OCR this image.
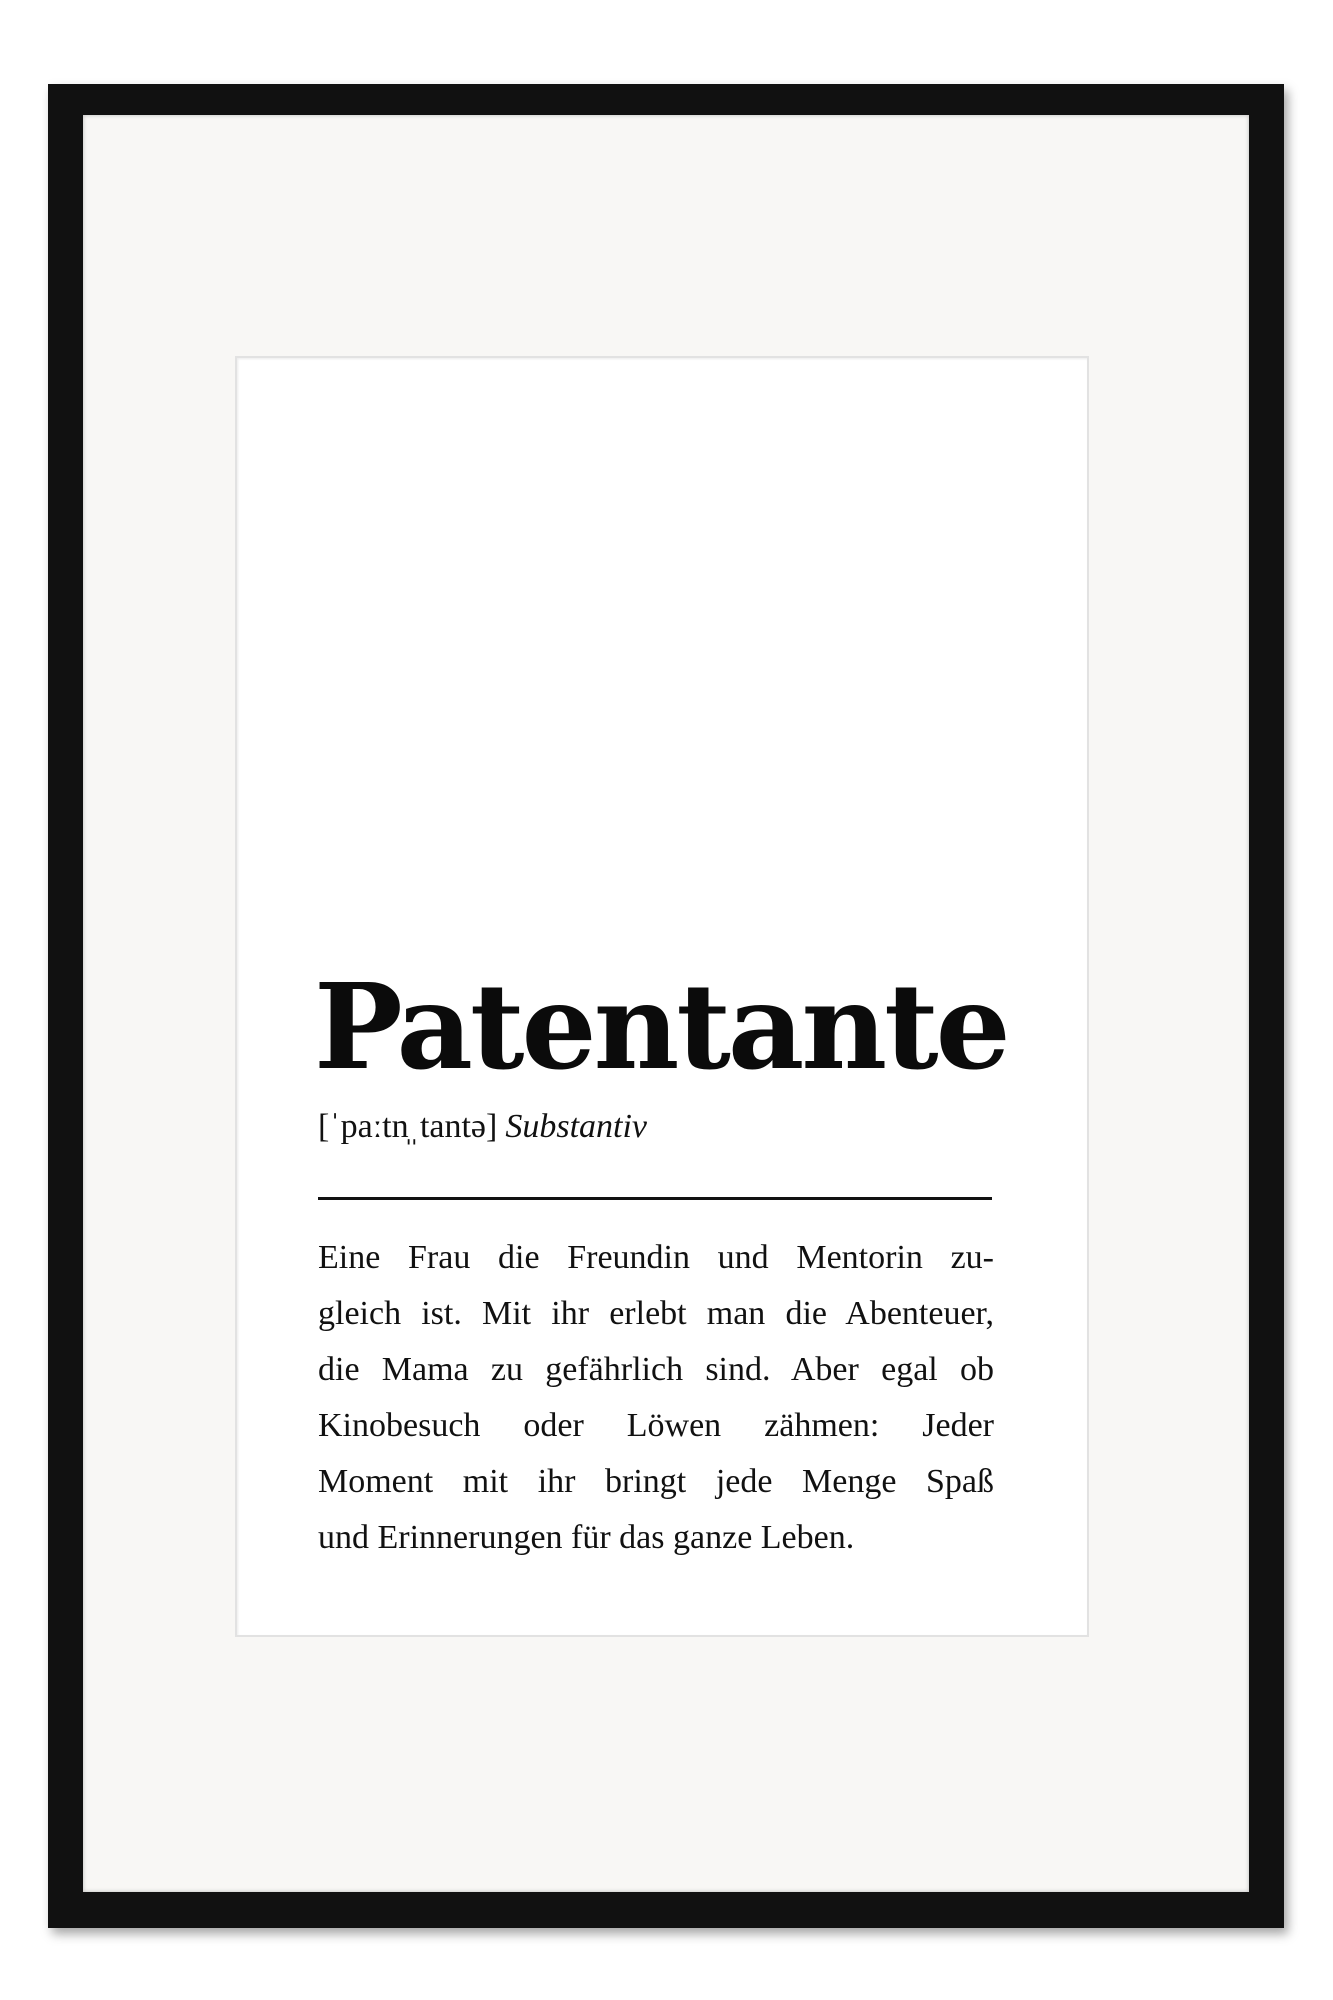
Patentante
[ˈpaːtn̩ˌtantə] Substantiv

Eine Frau die Freundin und Mentorin zu-
gleich ist. Mit ihr erlebt man die Abenteuer,
die Mama zu gefährlich sind. Aber egal ob
Kinobesuch oder Löwen zähmen: Jeder
Moment mit ihr bringt jede Menge Spaß
und Erinnerungen für das ganze Leben.
